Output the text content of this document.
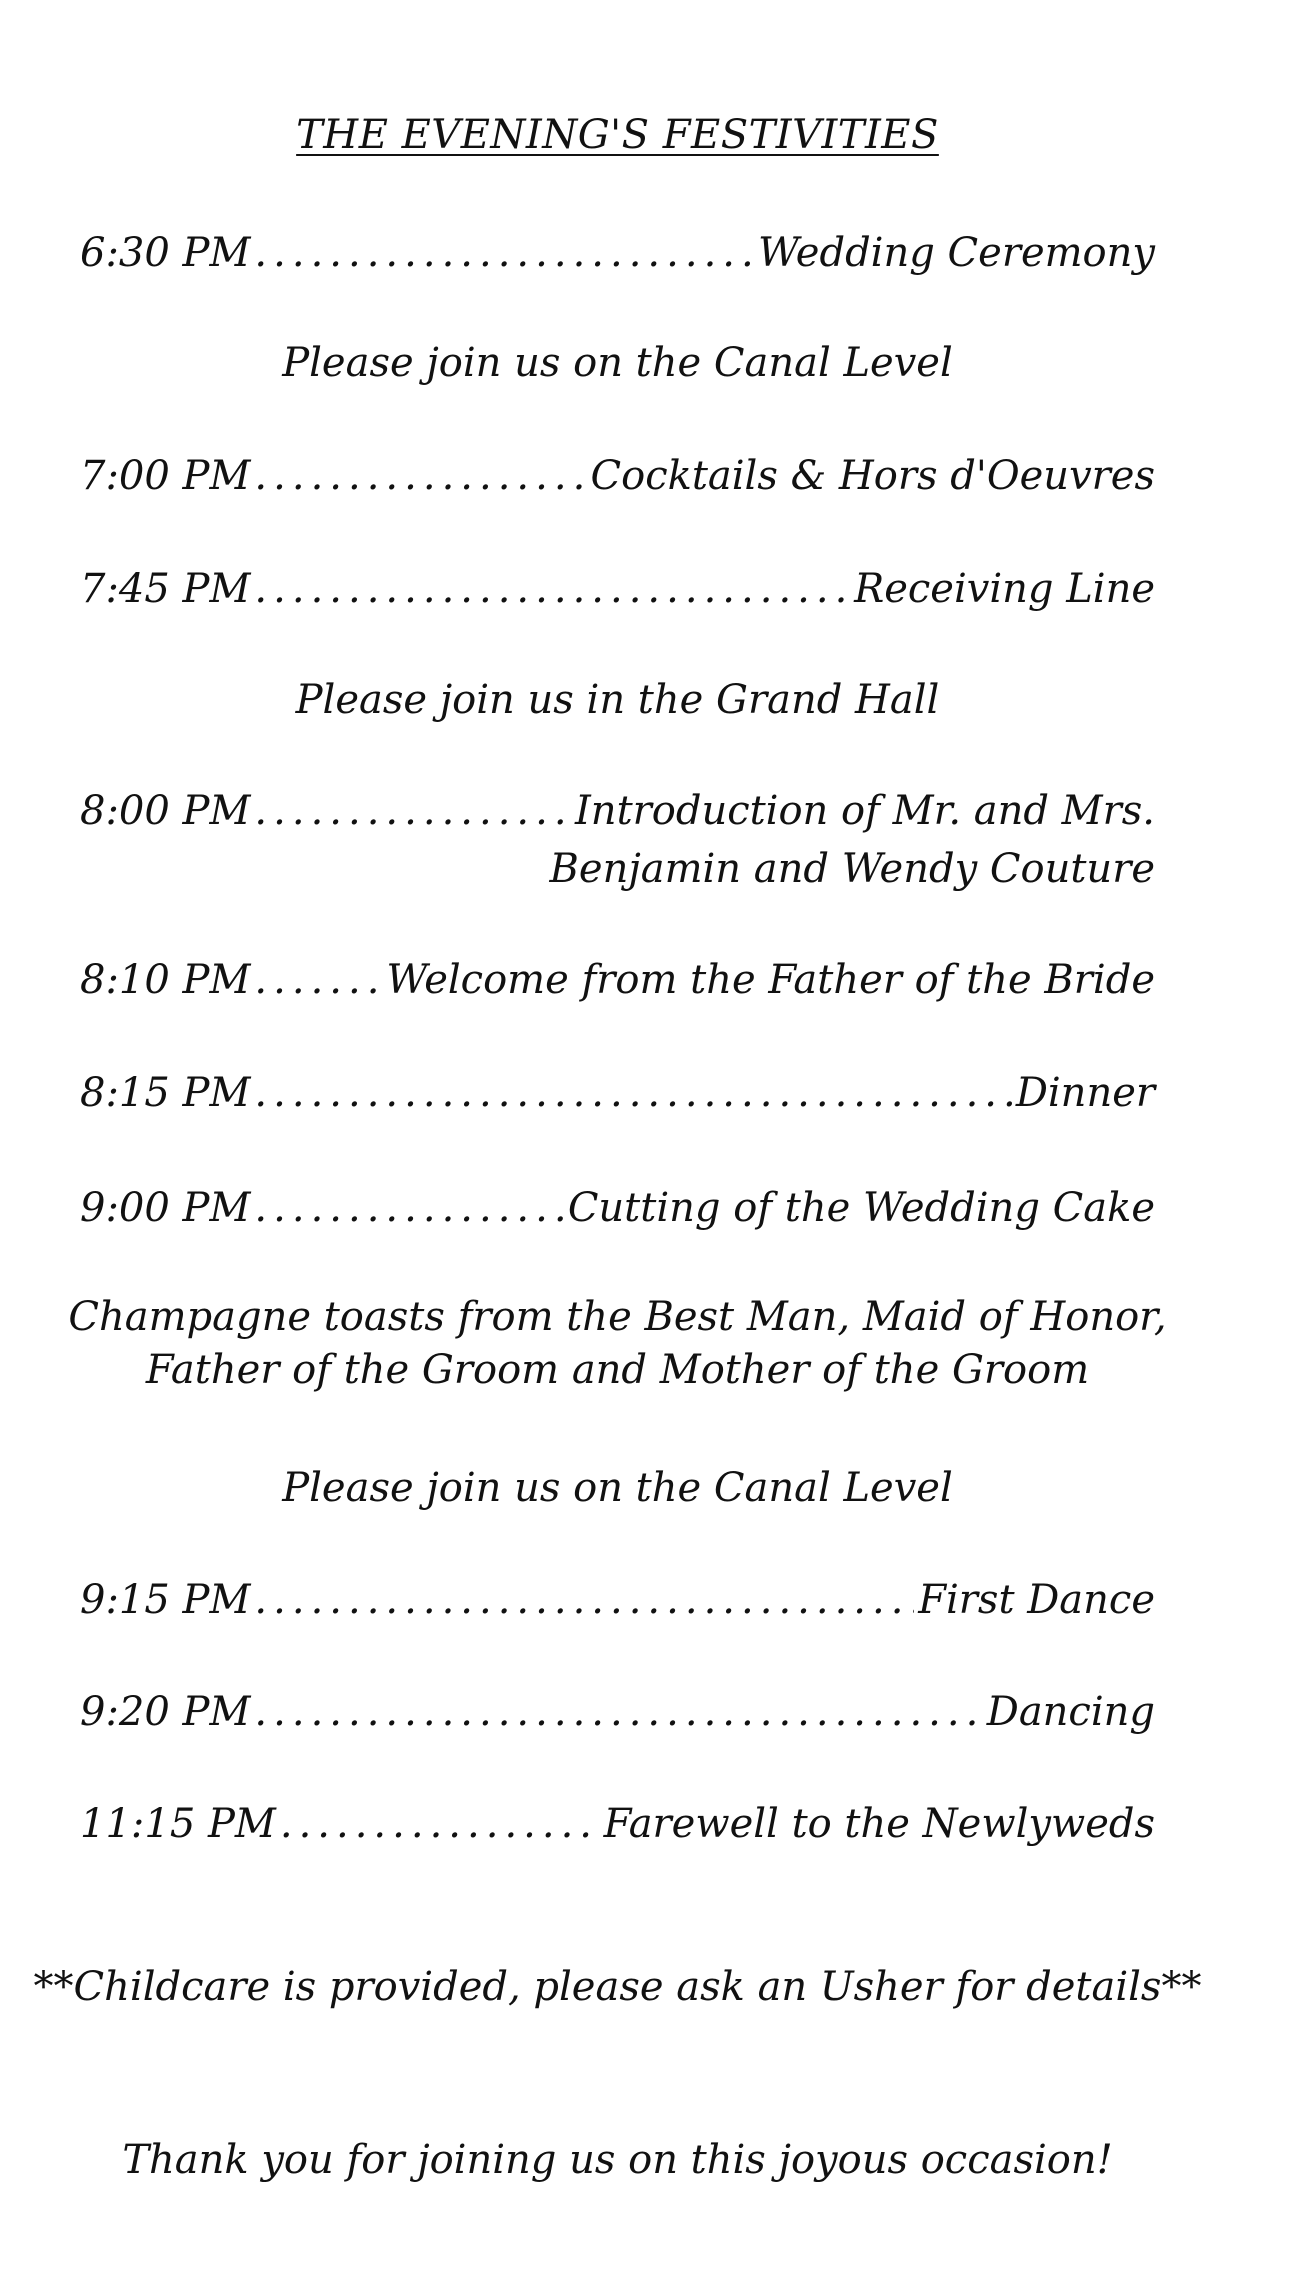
THE EVENING'S FESTIVITIES
6:30 PM .....	Wedding Ceremony
Please join us on the Canal Level
7:00 PM .....	Cocktails & Hors d'Oeuvres
7:45 PM .....	Receiving Line
Please join us in the Grand Hall
8:00 PM .....	Introduction of Mr. and Mrs.
Benjamin and Wendy Couture
8:10 PM .....	Welcome from the Father of the Bride
8:15 PM .....	Dinner
9:00 PM .....	Cutting of the Wedding Cake
Champagne toasts from the Best Man, Maid of Honor,
Father of the Groom and Mother of the Groom
Please join us on the Canal Level
9:15 PM .....	First Dance
9:20 PM .....	Dancing
11:15 PM .....	Farewell to the Newlyweds
**Childcare is provided, please ask an Usher for details**
Thank you for joining us on this joyous occasion!
